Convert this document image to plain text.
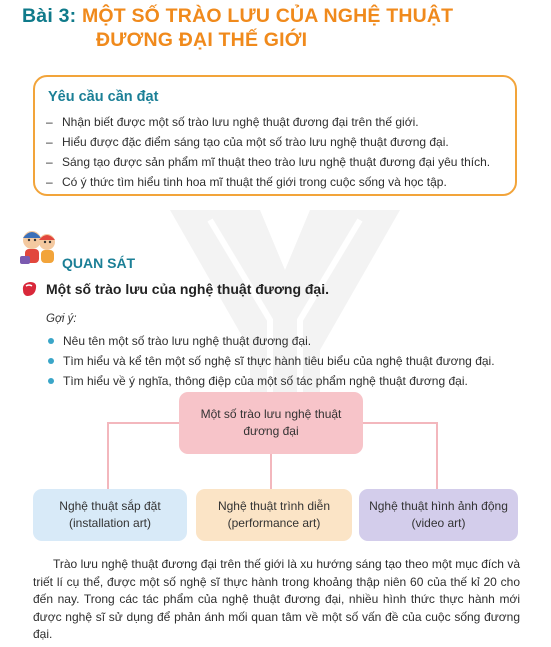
Bài 3: MỘT SỐ TRÀO LƯU CỦA NGHỆ THUẬT
ĐƯƠNG ĐẠI THẾ GIỚI
Yêu cầu cần đạt
– Nhận biết được một số trào lưu nghệ thuật đương đại trên thế giới.
– Hiểu được đặc điểm sáng tạo của một số trào lưu nghệ thuật đương đại.
– Sáng tạo được sản phẩm mĩ thuật theo trào lưu nghệ thuật đương đại yêu thích.
– Có ý thức tìm hiểu tinh hoa mĩ thuật thế giới trong cuộc sống và học tập.
QUAN SÁT
Một số trào lưu của nghệ thuật đương đại.
Gợi ý:
Nêu tên một số trào lưu nghệ thuật đương đại.
Tìm hiểu và kể tên một số nghệ sĩ thực hành tiêu biểu của nghệ thuật đương đại.
Tìm hiểu về ý nghĩa, thông điệp của một số tác phẩm nghệ thuật đương đại.
Một số trào lưu nghệ thuật
đương đại
Nghệ thuật sắp đặt
(installation art)
Nghệ thuật trình diễn
(performance art)
Nghệ thuật hình ảnh động
(video art)

Trào lưu nghệ thuật đương đại trên thế giới là xu hướng sáng tạo theo một mục đích và triết lí cụ thể, được một số nghệ sĩ thực hành trong khoảng thập niên 60 của thế kỉ 20 cho đến nay. Trong các tác phẩm của nghệ thuật đương đại, nhiều hình thức thực hành mới được nghệ sĩ sử dụng để phản ánh mối quan tâm về một số vấn đề của cuộc sống đương đại.
